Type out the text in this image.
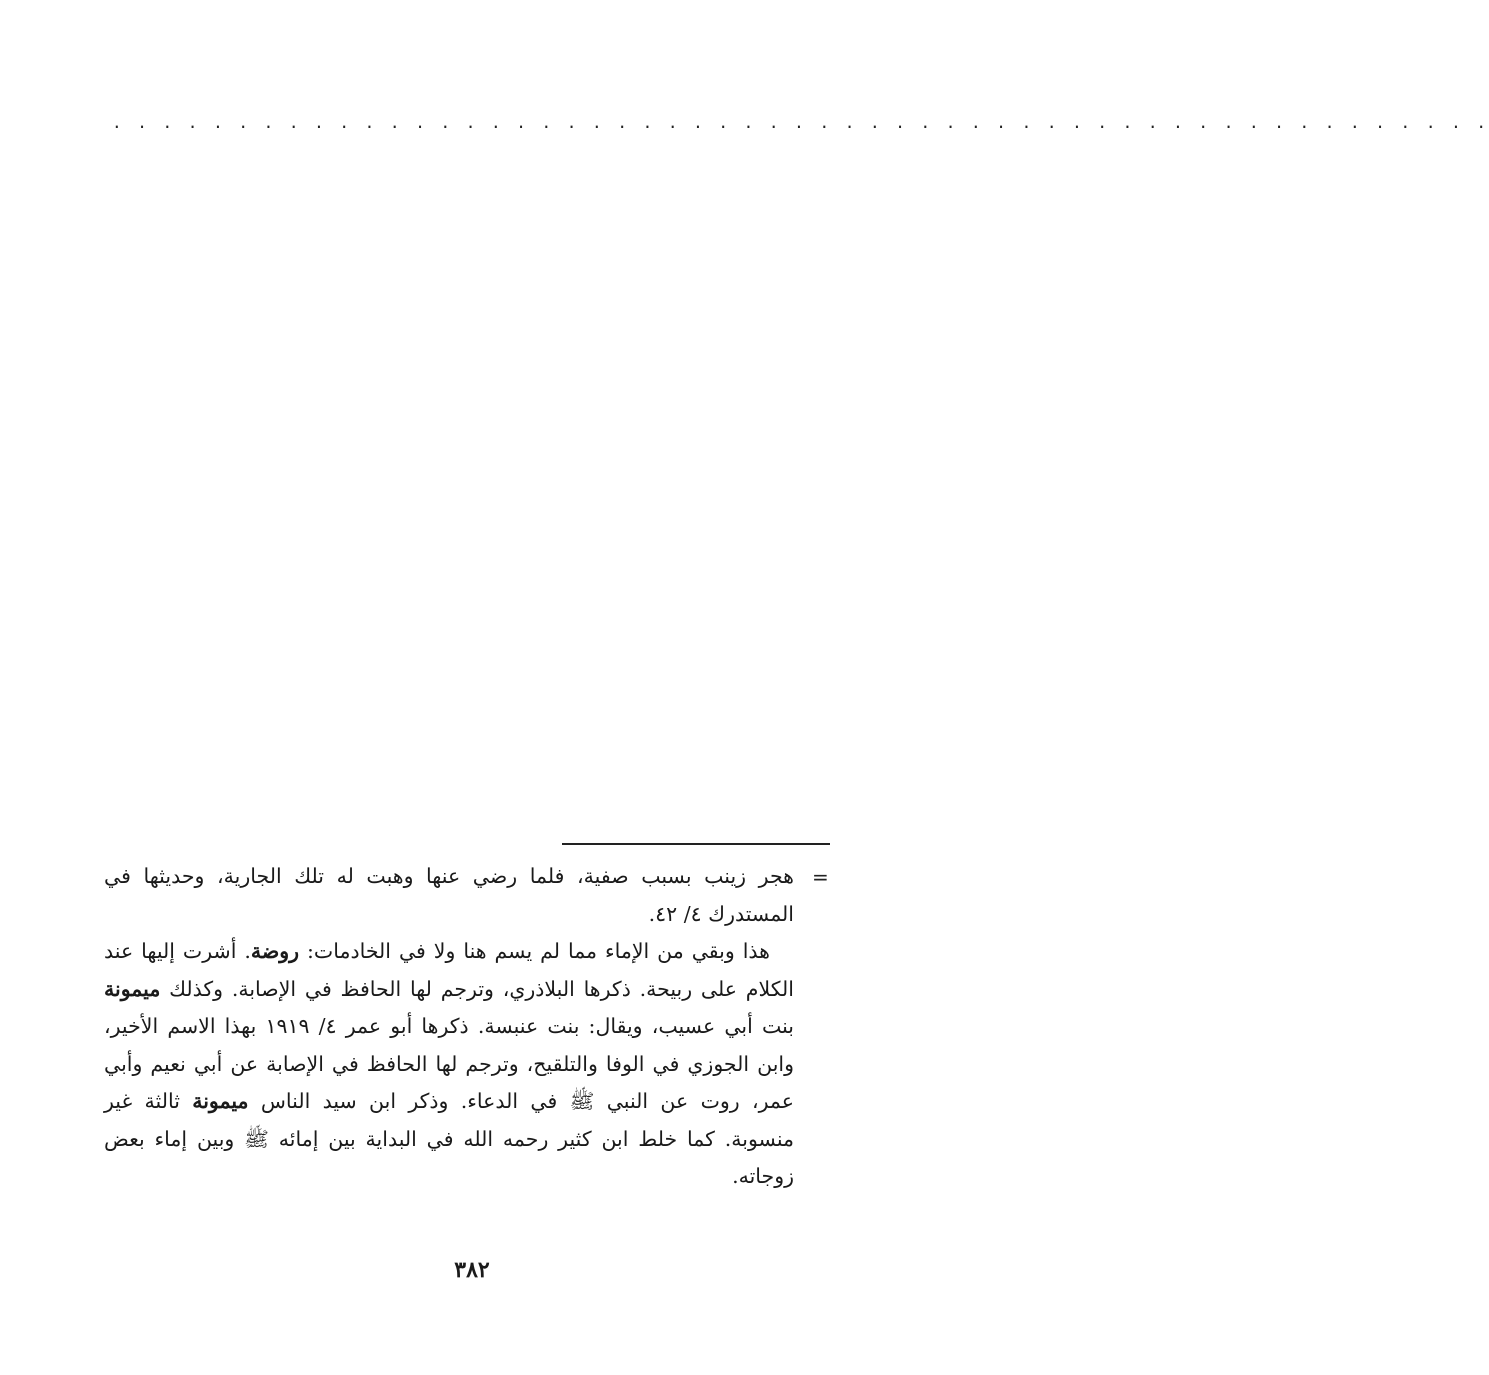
. . . . . . . . . . . . . . . . . . . . . . . . . . . . . . . . . . . . . . . . . . . . . . . . . . . . . . .
=

هجر زينب بسبب صفية، فلما رضي عنها وهبت له تلك الجارية، وحديثها في المستدرك ٤/ ٤٢.

هذا وبقي من الإماء مما لم يسم هنا ولا في الخادمات: روضة. أشرت إليها عند الكلام على ربيحة. ذكرها البلاذري، وترجم لها الحافظ في الإصابة. وكذلك ميمونة بنت أبي عسيب، ويقال: بنت عنبسة. ذكرها أبو عمر ٤/ ١٩١٩ بهذا الاسم الأخير، وابن الجوزي في الوفا والتلقيح، وترجم لها الحافظ في الإصابة عن أبي نعيم وأبي عمر، روت عن النبي ﷺ في الدعاء. وذكر ابن سيد الناس ميمونة ثالثة غير منسوبة. كما خلط ابن كثير رحمه الله في البداية بين إمائه ﷺ وبين إماء بعض زوجاته.

٣٨٢
